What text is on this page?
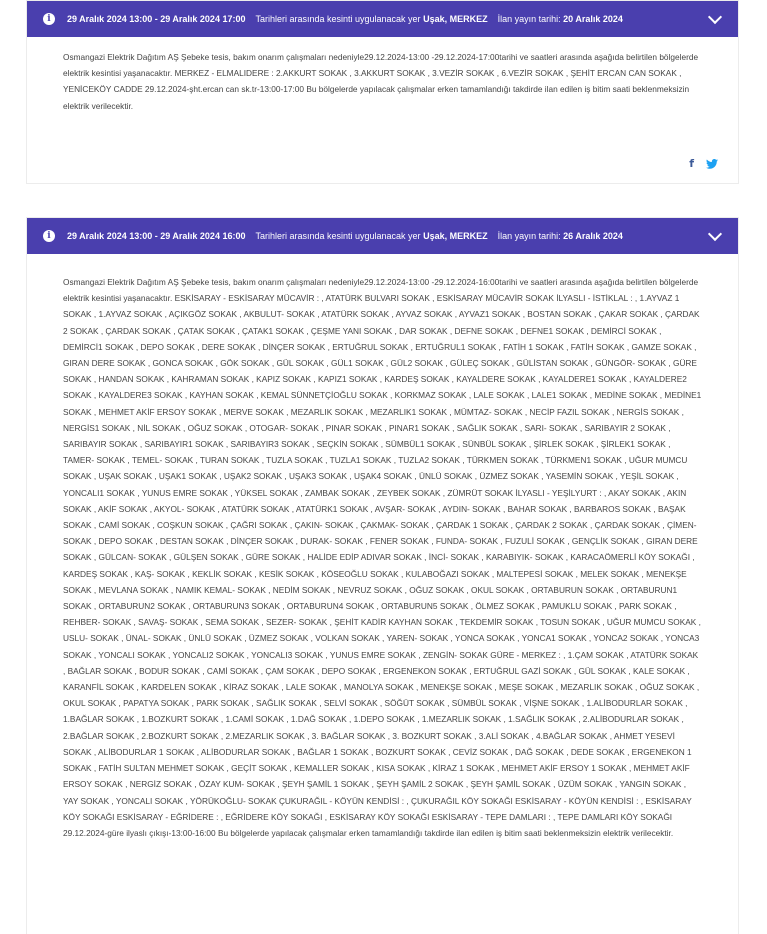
i	29 Aralık 2024 13:00 - 29 Aralık 2024 17:00 Tarihleri arasında kesinti uygulanacak yer Uşak, MERKEZ İlan yayın tarihi: 20 Aralık 2024
Osmangazi Elektrik Dağıtım AŞ Şebeke tesis, bakım onarım çalışmaları nedeniyle29.12.2024-13:00 -29.12.2024-17:00tarihi ve saatleri arasında aşağıda belirtilen bölgelerde elektrik kesintisi yaşanacaktır. MERKEZ - ELMALIDERE : 2.AKKURT SOKAK , 3.AKKURT SOKAK , 3.VEZİR SOKAK , 6.VEZİR SOKAK , ŞEHİT ERCAN CAN SOKAK , YENİCEKÖY CADDE 29.12.2024-şht.ercan can sk.tr-13:00-17:00 Bu bölgelerde yapılacak çalışmalar erken tamamlandığı takdirde ilan edilen iş bitim saati beklenmeksizin elektrik verilecektir.
f
i	29 Aralık 2024 13:00 - 29 Aralık 2024 16:00 Tarihleri arasında kesinti uygulanacak yer Uşak, MERKEZ İlan yayın tarihi: 26 Aralık 2024
Osmangazi Elektrik Dağıtım AŞ Şebeke tesis, bakım onarım çalışmaları nedeniyle29.12.2024-13:00 -29.12.2024-16:00tarihi ve saatleri arasında aşağıda belirtilen bölgelerde elektrik kesintisi yaşanacaktır. ESKİSARAY - ESKİSARAY MÜCAVİR : , ATATÜRK BULVARI SOKAK , ESKİSARAY MÜCAVİR SOKAK İLYASLI - İSTİKLAL : , 1.AYVAZ 1 SOKAK , 1.AYVAZ SOKAK , AÇIKGÖZ SOKAK , AKBULUT- SOKAK , ATATÜRK SOKAK , AYVAZ SOKAK , AYVAZ1 SOKAK , BOSTAN SOKAK , ÇAKAR SOKAK , ÇARDAK 2 SOKAK , ÇARDAK SOKAK , ÇATAK SOKAK , ÇATAK1 SOKAK , ÇEŞME YANI SOKAK , DAR SOKAK , DEFNE SOKAK , DEFNE1 SOKAK , DEMİRCİ SOKAK , DEMİRCİ1 SOKAK , DEPO SOKAK , DERE SOKAK , DİNÇER SOKAK , ERTUĞRUL SOKAK , ERTUĞRUL1 SOKAK , FATİH 1 SOKAK , FATİH SOKAK , GAMZE SOKAK , GIRAN DERE SOKAK , GONCA SOKAK , GÖK SOKAK , GÜL SOKAK , GÜL1 SOKAK , GÜL2 SOKAK , GÜLEÇ SOKAK , GÜLİSTAN SOKAK , GÜNGÖR- SOKAK , GÜRE SOKAK , HANDAN SOKAK , KAHRAMAN SOKAK , KAPIZ SOKAK , KAPIZ1 SOKAK , KARDEŞ SOKAK , KAYALDERE SOKAK , KAYALDERE1 SOKAK , KAYALDERE2 SOKAK , KAYALDERE3 SOKAK , KAYHAN SOKAK , KEMAL SÜNNETÇİOĞLU SOKAK , KORKMAZ SOKAK , LALE SOKAK , LALE1 SOKAK , MEDİNE SOKAK , MEDİNE1 SOKAK , MEHMET AKİF ERSOY SOKAK , MERVE SOKAK , MEZARLIK SOKAK , MEZARLIK1 SOKAK , MÜMTAZ- SOKAK , NECİP FAZIL SOKAK , NERGİS SOKAK , NERGİS1 SOKAK , NİL SOKAK , OĞUZ SOKAK , OTOGAR- SOKAK , PINAR SOKAK , PINAR1 SOKAK , SAĞLIK SOKAK , SARI- SOKAK , SARIBAYIR 2 SOKAK , SARIBAYIR SOKAK , SARIBAYIR1 SOKAK , SARIBAYIR3 SOKAK , SEÇKİN SOKAK , SÜMBÜL1 SOKAK , SÜNBÜL SOKAK , ŞİRLEK SOKAK , ŞİRLEK1 SOKAK , TAMER- SOKAK , TEMEL- SOKAK , TURAN SOKAK , TUZLA SOKAK , TUZLA1 SOKAK , TUZLA2 SOKAK , TÜRKMEN SOKAK , TÜRKMEN1 SOKAK , UĞUR MUMCU SOKAK , UŞAK SOKAK , UŞAK1 SOKAK , UŞAK2 SOKAK , UŞAK3 SOKAK , UŞAK4 SOKAK , ÜNLÜ SOKAK , ÜZMEZ SOKAK , YASEMİN SOKAK , YEŞİL SOKAK , YONCALI1 SOKAK , YUNUS EMRE SOKAK , YÜKSEL SOKAK , ZAMBAK SOKAK , ZEYBEK SOKAK , ZÜMRÜT SOKAK İLYASLI - YEŞİLYURT : , AKAY SOKAK , AKIN SOKAK , AKİF SOKAK , AKYOL- SOKAK , ATATÜRK SOKAK , ATATÜRK1 SOKAK , AVŞAR- SOKAK , AYDIN- SOKAK , BAHAR SOKAK , BARBAROS SOKAK , BAŞAK SOKAK , CAMİ SOKAK , COŞKUN SOKAK , ÇAĞRI SOKAK , ÇAKIN- SOKAK , ÇAKMAK- SOKAK , ÇARDAK 1 SOKAK , ÇARDAK 2 SOKAK , ÇARDAK SOKAK , ÇİMEN- SOKAK , DEPO SOKAK , DESTAN SOKAK , DİNÇER SOKAK , DURAK- SOKAK , FENER SOKAK , FUNDA- SOKAK , FUZULİ SOKAK , GENÇLİK SOKAK , GIRAN DERE SOKAK , GÜLCAN- SOKAK , GÜLŞEN SOKAK , GÜRE SOKAK , HALİDE EDİP ADIVAR SOKAK , İNCİ- SOKAK , KARABIYIK- SOKAK , KARACAÖMERLİ KÖY SOKAĞI , KARDEŞ SOKAK , KAŞ- SOKAK , KEKLİK SOKAK , KESİK SOKAK , KÖSEOĞLU SOKAK , KULABOĞAZI SOKAK , MALTEPESİ SOKAK , MELEK SOKAK , MENEKŞE SOKAK , MEVLANA SOKAK , NAMIK KEMAL- SOKAK , NEDİM SOKAK , NEVRUZ SOKAK , OĞUZ SOKAK , OKUL SOKAK , ORTABURUN SOKAK , ORTABURUN1 SOKAK , ORTABURUN2 SOKAK , ORTABURUN3 SOKAK , ORTABURUN4 SOKAK , ORTABURUN5 SOKAK , ÖLMEZ SOKAK , PAMUKLU SOKAK , PARK SOKAK , REHBER- SOKAK , SAVAŞ- SOKAK , SEMA SOKAK , SEZER- SOKAK , ŞEHİT KADİR KAYHAN SOKAK , TEKDEMİR SOKAK , TOSUN SOKAK , UĞUR MUMCU SOKAK , USLU- SOKAK , ÜNAL- SOKAK , ÜNLÜ SOKAK , ÜZMEZ SOKAK , VOLKAN SOKAK , YAREN- SOKAK , YONCA SOKAK , YONCA1 SOKAK , YONCA2 SOKAK , YONCA3 SOKAK , YONCALI SOKAK , YONCALI2 SOKAK , YONCALI3 SOKAK , YUNUS EMRE SOKAK , ZENGİN- SOKAK GÜRE - MERKEZ : , 1.ÇAM SOKAK , ATATÜRK SOKAK , BAĞLAR SOKAK , BODUR SOKAK , CAMİ SOKAK , ÇAM SOKAK , DEPO SOKAK , ERGENEKON SOKAK , ERTUĞRUL GAZİ SOKAK , GÜL SOKAK , KALE SOKAK , KARANFİL SOKAK , KARDELEN SOKAK , KİRAZ SOKAK , LALE SOKAK , MANOLYA SOKAK , MENEKŞE SOKAK , MEŞE SOKAK , MEZARLIK SOKAK , OĞUZ SOKAK , OKUL SOKAK , PAPATYA SOKAK , PARK SOKAK , SAĞLIK SOKAK , SELVİ SOKAK , SÖĞÜT SOKAK , SÜMBÜL SOKAK , VİŞNE SOKAK , 1.ALİBODURLAR SOKAK , 1.BAĞLAR SOKAK , 1.BOZKURT SOKAK , 1.CAMİ SOKAK , 1.DAĞ SOKAK , 1.DEPO SOKAK , 1.MEZARLIK SOKAK , 1.SAĞLIK SOKAK , 2.ALİBODURLAR SOKAK , 2.BAĞLAR SOKAK , 2.BOZKURT SOKAK , 2.MEZARLIK SOKAK , 3. BAĞLAR SOKAK , 3. BOZKURT SOKAK , 3.ALİ SOKAK , 4.BAĞLAR SOKAK , AHMET YESEVİ SOKAK , ALİBODURLAR 1 SOKAK , ALİBODURLAR SOKAK , BAĞLAR 1 SOKAK , BOZKURT SOKAK , CEVİZ SOKAK , DAĞ SOKAK , DEDE SOKAK , ERGENEKON 1 SOKAK , FATİH SULTAN MEHMET SOKAK , GEÇİT SOKAK , KEMALLER SOKAK , KISA SOKAK , KİRAZ 1 SOKAK , MEHMET AKİF ERSOY 1 SOKAK , MEHMET AKİF ERSOY SOKAK , NERGİZ SOKAK , ÖZAY KUM- SOKAK , ŞEYH ŞAMİL 1 SOKAK , ŞEYH ŞAMİL 2 SOKAK , ŞEYH ŞAMİL SOKAK , ÜZÜM SOKAK , YANGIN SOKAK , YAY SOKAK , YONCALI SOKAK , YÖRÜKOĞLU- SOKAK ÇUKURAĞIL - KÖYÜN KENDİSİ : , ÇUKURAĞIL KÖY SOKAĞI ESKİSARAY - KÖYÜN KENDİSİ : , ESKİSARAY KÖY SOKAĞI ESKİSARAY - EĞRİDERE : , EĞRİDERE KÖY SOKAĞI , ESKİSARAY KÖY SOKAĞI ESKİSARAY - TEPE DAMLARI : , TEPE DAMLARI KÖY SOKAĞI 29.12.2024-güre ilyaslı çıkışı-13:00-16:00 Bu bölgelerde yapılacak çalışmalar erken tamamlandığı takdirde ilan edilen iş bitim saati beklenmeksizin elektrik verilecektir.
